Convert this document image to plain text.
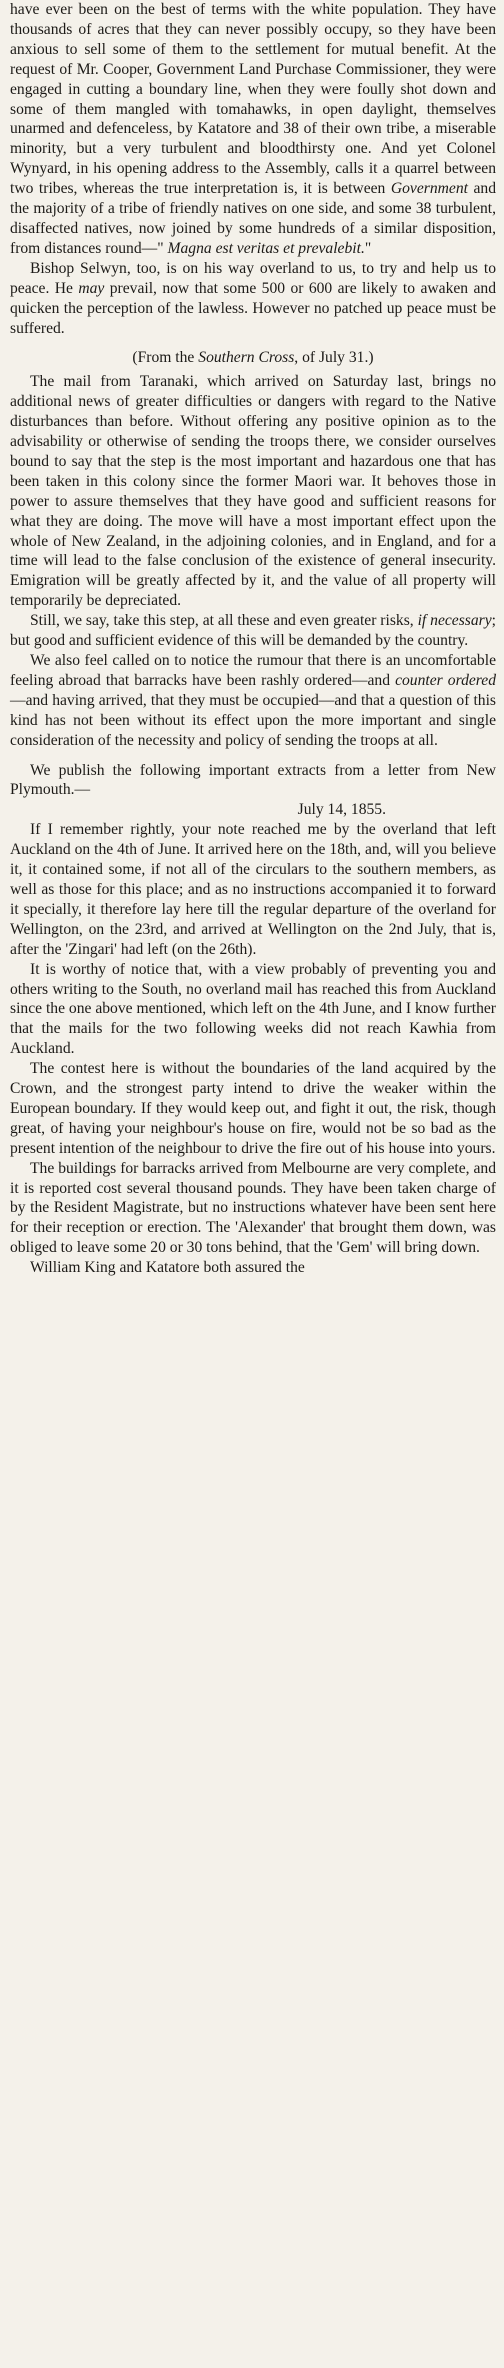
have ever been on the best of terms with the white population. They have thousands of acres that they can never possibly occupy, so they have been anxious to sell some of them to the settlement for mutual benefit. At the request of Mr. Cooper, Government Land Purchase Commissioner, they were engaged in cutting a boundary line, when they were foully shot down and some of them mangled with tomahawks, in open daylight, themselves unarmed and defenceless, by Katatore and 38 of their own tribe, a miserable minority, but a very turbulent and bloodthirsty one. And yet Colonel Wynyard, in his opening address to the Assembly, calls it a quarrel between two tribes, whereas the true interpretation is, it is between Government and the majority of a tribe of friendly natives on one side, and some 38 turbulent, disaffected natives, now joined by some hundreds of a similar disposition, from distances round—" Magna est veritas et prevalebit."

Bishop Selwyn, too, is on his way overland to us, to try and help us to peace. He may prevail, now that some 500 or 600 are likely to awaken and quicken the perception of the lawless. However no patched up peace must be suffered.

(From the Southern Cross, of July 31.)

The mail from Taranaki, which arrived on Saturday last, brings no additional news of greater difficulties or dangers with regard to the Native disturbances than before. Without offering any positive opinion as to the advisability or otherwise of sending the troops there, we consider ourselves bound to say that the step is the most important and hazardous one that has been taken in this colony since the former Maori war. It behoves those in power to assure themselves that they have good and sufficient reasons for what they are doing. The move will have a most important effect upon the whole of New Zealand, in the adjoining colonies, and in England, and for a time will lead to the false conclusion of the existence of general insecurity. Emigration will be greatly affected by it, and the value of all property will temporarily be depreciated.

Still, we say, take this step, at all these and even greater risks, if necessary; but good and sufficient evidence of this will be demanded by the country.

We also feel called on to notice the rumour that there is an uncomfortable feeling abroad that barracks have been rashly ordered—and counter ordered—and having arrived, that they must be occupied—and that a question of this kind has not been without its effect upon the more important and single consideration of the necessity and policy of sending the troops at all.

We publish the following important extracts from a letter from New Plymouth.—

July 14, 1855.

If I remember rightly, your note reached me by the overland that left Auckland on the 4th of June. It arrived here on the 18th, and, will you believe it, it contained some, if not all of the circulars to the southern members, as well as those for this place; and as no instructions accompanied it to forward it specially, it therefore lay here till the regular departure of the overland for Wellington, on the 23rd, and arrived at Wellington on the 2nd July, that is, after the 'Zingari' had left (on the 26th).

It is worthy of notice that, with a view probably of preventing you and others writing to the South, no overland mail has reached this from Auckland since the one above mentioned, which left on the 4th June, and I know further that the mails for the two following weeks did not reach Kawhia from Auckland.

The contest here is without the boundaries of the land acquired by the Crown, and the strongest party intend to drive the weaker within the European boundary. If they would keep out, and fight it out, the risk, though great, of having your neighbour's house on fire, would not be so bad as the present intention of the neighbour to drive the fire out of his house into yours.

The buildings for barracks arrived from Melbourne are very complete, and it is reported cost several thousand pounds. They have been taken charge of by the Resident Magistrate, but no instructions whatever have been sent here for their reception or erection. The 'Alexander' that brought them down, was obliged to leave some 20 or 30 tons behind, that the 'Gem' will bring down.

William King and Katatore both assured the
